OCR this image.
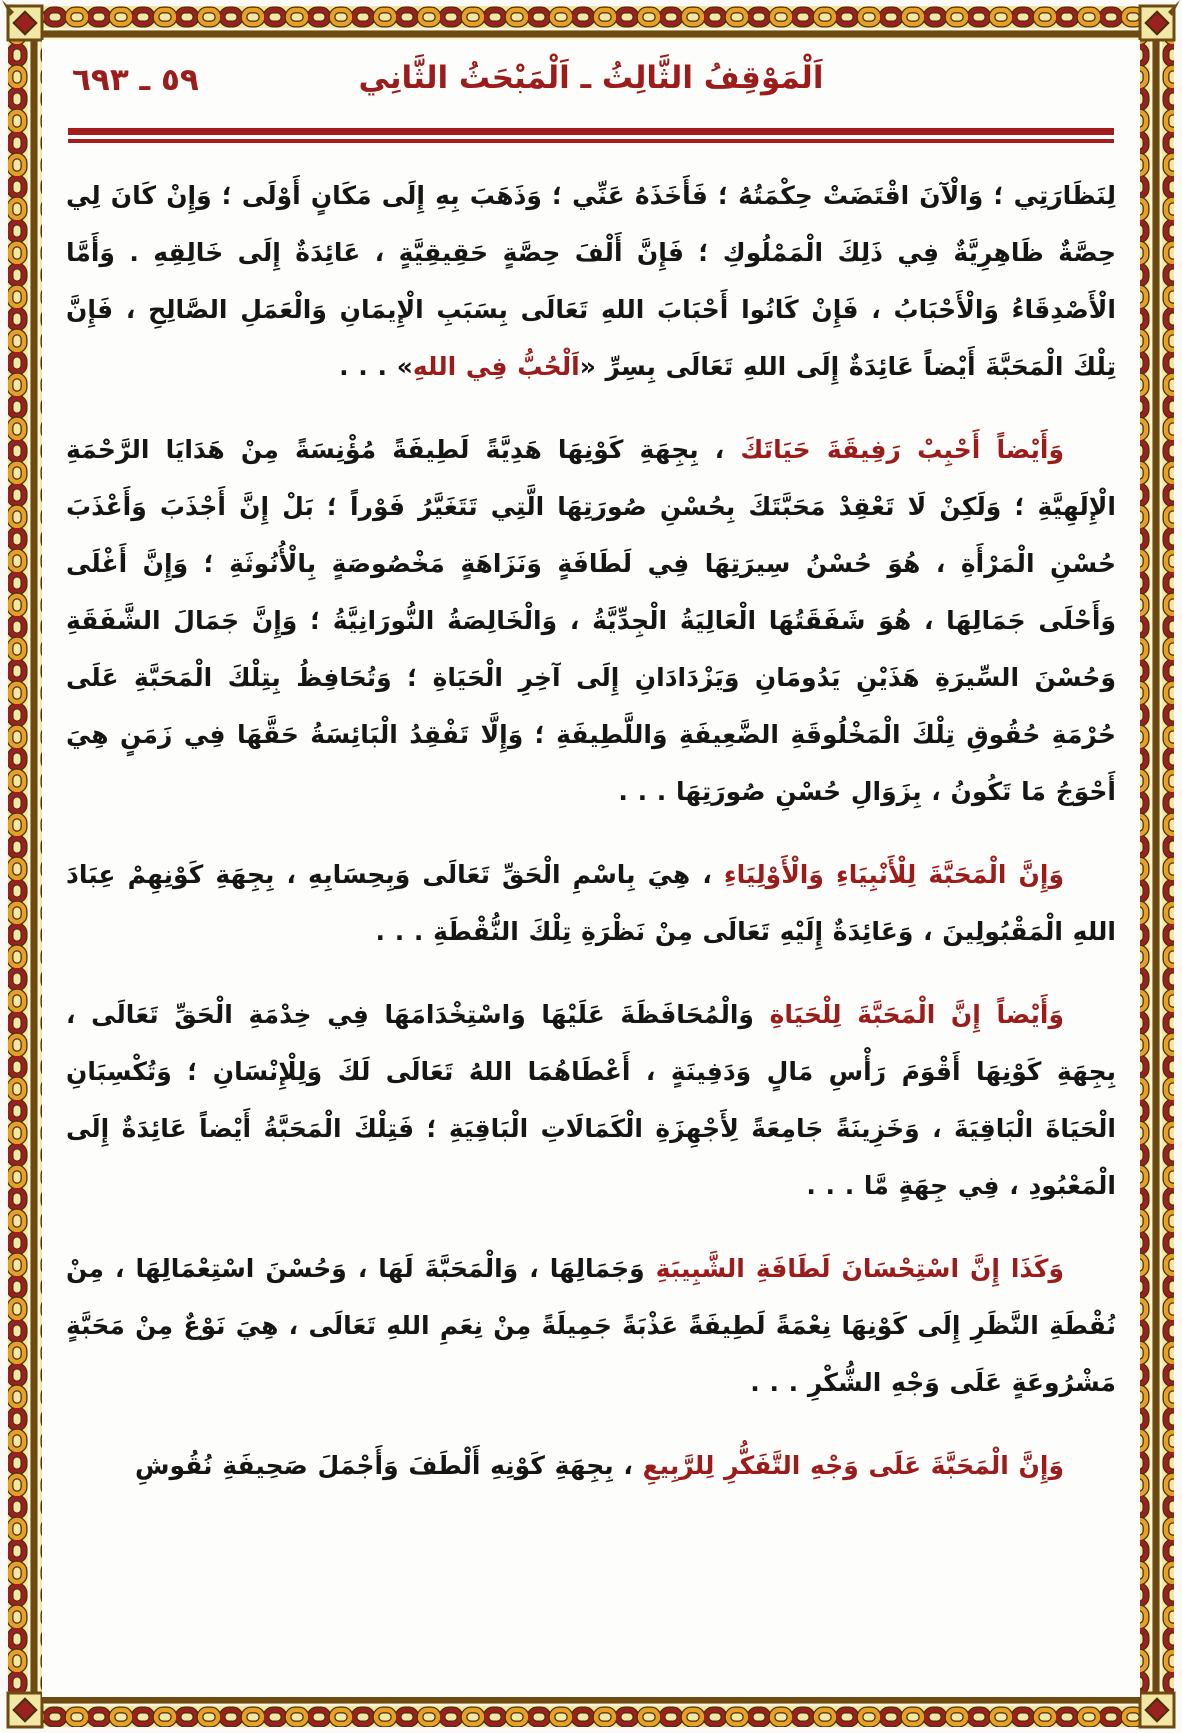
اَلْمَوْقِفُ الثَّالِثُ ـ اَلْمَبْحَثُ الثَّانِي
٥٩ ـ ٦٩٣

لِنَظَارَتِي ؛ وَالْآنَ اقْتَضَتْ حِكْمَتُهُ ؛ فَأَخَذَهُ عَنِّي ؛ وَذَهَبَ بِهِ إِلَى مَكَانٍ أَوْلَى ؛ وَإِنْ كَانَ لِي حِصَّةٌ ظَاهِرِيَّةٌ فِي ذَلِكَ الْمَمْلُوكِ ؛ فَإِنَّ أَلْفَ حِصَّةٍ حَقِيقِيَّةٍ ، عَائِدَةٌ إِلَى خَالِقِهِ . وَأَمَّا الْأَصْدِقَاءُ وَالْأَحْبَابُ ، فَإِنْ كَانُوا أَحْبَابَ اللهِ تَعَالَى بِسَبَبِ الْإِيمَانِ وَالْعَمَلِ الصَّالِحِ ، فَإِنَّ تِلْكَ الْمَحَبَّةَ أَيْضاً عَائِدَةٌ إِلَى اللهِ تَعَالَى بِسِرِّ «اَلْحُبُّ فِي اللهِ» . . .

وَأَيْضاً أَحْبِبْ رَفِيقَةَ حَيَاتَكَ ، بِجِهَةِ كَوْنِهَا هَدِيَّةً لَطِيفَةً مُؤْنِسَةً مِنْ هَدَايَا الرَّحْمَةِ الْإِلَهِيَّةِ ؛ وَلَكِنْ لَا تَعْقِدْ مَحَبَّتَكَ بِحُسْنِ صُورَتِهَا الَّتِي تَتَغَيَّرُ فَوْراً ؛ بَلْ إِنَّ أَجْذَبَ وَأَعْذَبَ حُسْنِ الْمَرْأَةِ ، هُوَ حُسْنُ سِيرَتِهَا فِي لَطَافَةٍ وَنَزَاهَةٍ مَخْصُوصَةٍ بِالْأُنُوثَةِ ؛ وَإِنَّ أَغْلَى وَأَحْلَى جَمَالِهَا ، هُوَ شَفَقَتُهَا الْعَالِيَةُ الْجِدِّيَّةُ ، وَالْخَالِصَةُ النُّورَانِيَّةُ ؛ وَإِنَّ جَمَالَ الشَّفَقَةِ وَحُسْنَ السِّيرَةِ هَذَيْنِ يَدُومَانِ وَيَزْدَادَانِ إِلَى آخِرِ الْحَيَاةِ ؛ وَتُحَافِظُ بِتِلْكَ الْمَحَبَّةِ عَلَى حُرْمَةِ حُقُوقِ تِلْكَ الْمَخْلُوقَةِ الضَّعِيفَةِ وَاللَّطِيفَةِ ؛ وَإِلَّا تَفْقِدُ الْبَائِسَةُ حَقَّهَا فِي زَمَنٍ هِيَ أَحْوَجُ مَا تَكُونُ ، بِزَوَالِ حُسْنِ صُورَتِهَا . . .

وَإِنَّ الْمَحَبَّةَ لِلْأَنْبِيَاءِ وَالْأَوْلِيَاءِ ، هِيَ بِاسْمِ الْحَقِّ تَعَالَى وَبِحِسَابِهِ ، بِجِهَةِ كَوْنِهِمْ عِبَادَ اللهِ الْمَقْبُولِينَ ، وَعَائِدَةٌ إِلَيْهِ تَعَالَى مِنْ نَظْرَةِ تِلْكَ النُّقْطَةِ . . .

وَأَيْضاً إِنَّ الْمَحَبَّةَ لِلْحَيَاةِ وَالْمُحَافَظَةَ عَلَيْهَا وَاسْتِخْدَامَهَا فِي خِدْمَةِ الْحَقِّ تَعَالَى ، بِجِهَةِ كَوْنِهَا أَقْوَمَ رَأْسِ مَالٍ وَدَفِينَةٍ ، أَعْطَاهُمَا اللهُ تَعَالَى لَكَ وَلِلْإِنْسَانِ ؛ وَتُكْسِبَانِ الْحَيَاةَ الْبَاقِيَةَ ، وَخَزِينَةً جَامِعَةً لِأَجْهِزَةِ الْكَمَالَاتِ الْبَاقِيَةِ ؛ فَتِلْكَ الْمَحَبَّةُ أَيْضاً عَائِدَةٌ إِلَى الْمَعْبُودِ ، فِي جِهَةٍ مَّا . . .

وَكَذَا إِنَّ اسْتِحْسَانَ لَطَافَةِ الشَّبِيبَةِ وَجَمَالِهَا ، وَالْمَحَبَّةَ لَهَا ، وَحُسْنَ اسْتِعْمَالِهَا ، مِنْ نُقْطَةِ النَّظَرِ إِلَى كَوْنِهَا نِعْمَةً لَطِيفَةً عَذْبَةً جَمِيلَةً مِنْ نِعَمِ اللهِ تَعَالَى ، هِيَ نَوْعٌ مِنْ مَحَبَّةٍ مَشْرُوعَةٍ عَلَى وَجْهِ الشُّكْرِ . . .

وَإِنَّ الْمَحَبَّةَ عَلَى وَجْهِ التَّفَكُّرِ لِلرَّبِيعِ ، بِجِهَةِ كَوْنِهِ أَلْطَفَ وَأَجْمَلَ صَحِيفَةِ نُقُوشِ
